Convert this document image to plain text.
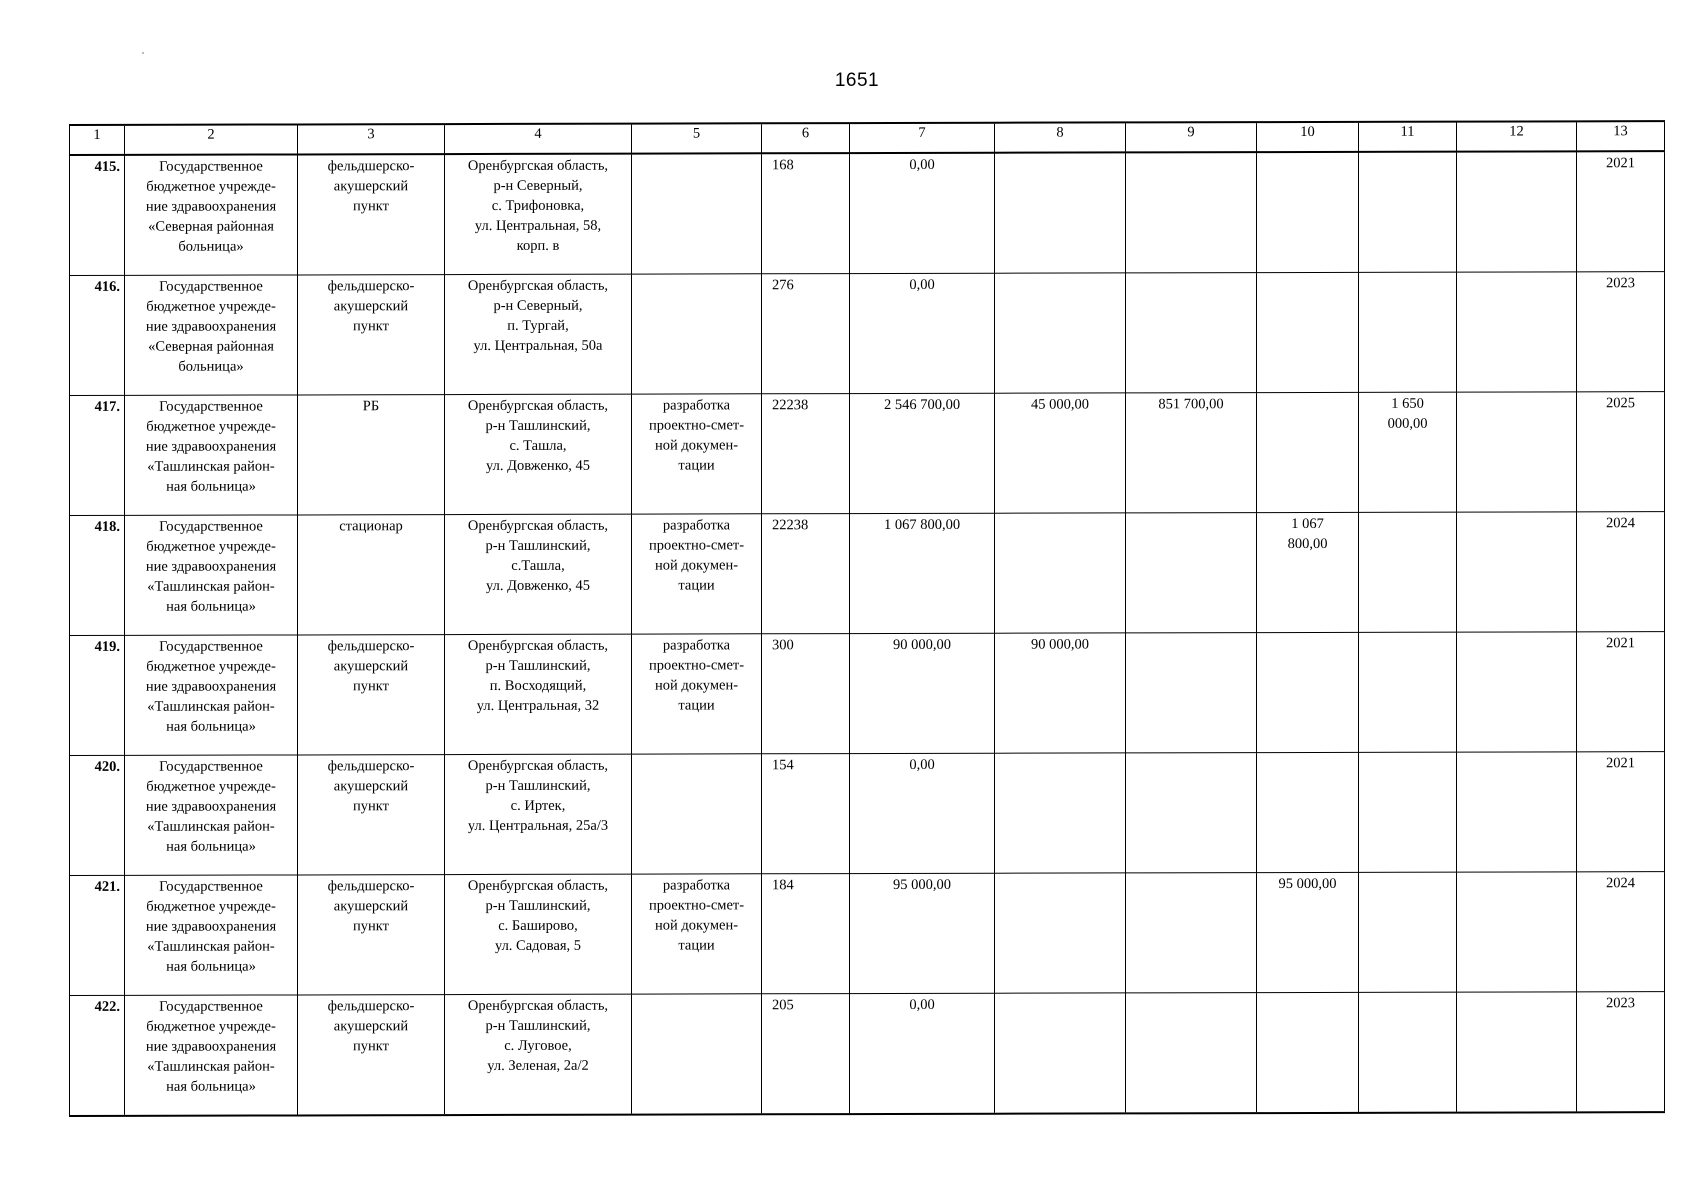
1651
1	2	3	4	5	6	7	8	9	10	11	12	13
415.	Государственное
бюджетное учрежде-
ние здравоохранения
«Северная районная
больница»	фельдшерско-
акушерский
пункт	Оренбургская область,
р-н Северный,
с. Трифоновка,
ул. Центральная, 58,
корп. в		168	0,00						2021
416.	Государственное
бюджетное учрежде-
ние здравоохранения
«Северная районная
больница»	фельдшерско-
акушерский
пункт	Оренбургская область,
р-н Северный,
п. Тургай,
ул. Центральная, 50а		276	0,00						2023
417.	Государственное
бюджетное учрежде-
ние здравоохранения
«Ташлинская район-
ная больница»	РБ	Оренбургская область,
р-н Ташлинский,
с. Ташла,
ул. Довженко, 45	разработка
проектно-смет-
ной докумен-
тации	22238	2 546 700,00	45 000,00	851 700,00		1 650
000,00		2025
418.	Государственное
бюджетное учрежде-
ние здравоохранения
«Ташлинская район-
ная больница»	стационар	Оренбургская область,
р-н Ташлинский,
с.Ташла,
ул. Довженко, 45	разработка
проектно-смет-
ной докумен-
тации	22238	1 067 800,00			1 067
800,00			2024
419.	Государственное
бюджетное учрежде-
ние здравоохранения
«Ташлинская район-
ная больница»	фельдшерско-
акушерский
пункт	Оренбургская область,
р-н Ташлинский,
п. Восходящий,
ул. Центральная, 32	разработка
проектно-смет-
ной докумен-
тации	300	90 000,00	90 000,00					2021
420.	Государственное
бюджетное учрежде-
ние здравоохранения
«Ташлинская район-
ная больница»	фельдшерско-
акушерский
пункт	Оренбургская область,
р-н Ташлинский,
с. Иртек,
ул. Центральная, 25а/3		154	0,00						2021
421.	Государственное
бюджетное учрежде-
ние здравоохранения
«Ташлинская район-
ная больница»	фельдшерско-
акушерский
пункт	Оренбургская область,
р-н Ташлинский,
с. Баширово,
ул. Садовая, 5	разработка
проектно-смет-
ной докумен-
тации	184	95 000,00			95 000,00			2024
422.	Государственное
бюджетное учрежде-
ние здравоохранения
«Ташлинская район-
ная больница»	фельдшерско-
акушерский
пункт	Оренбургская область,
р-н Ташлинский,
с. Луговое,
ул. Зеленая, 2а/2		205	0,00						2023
